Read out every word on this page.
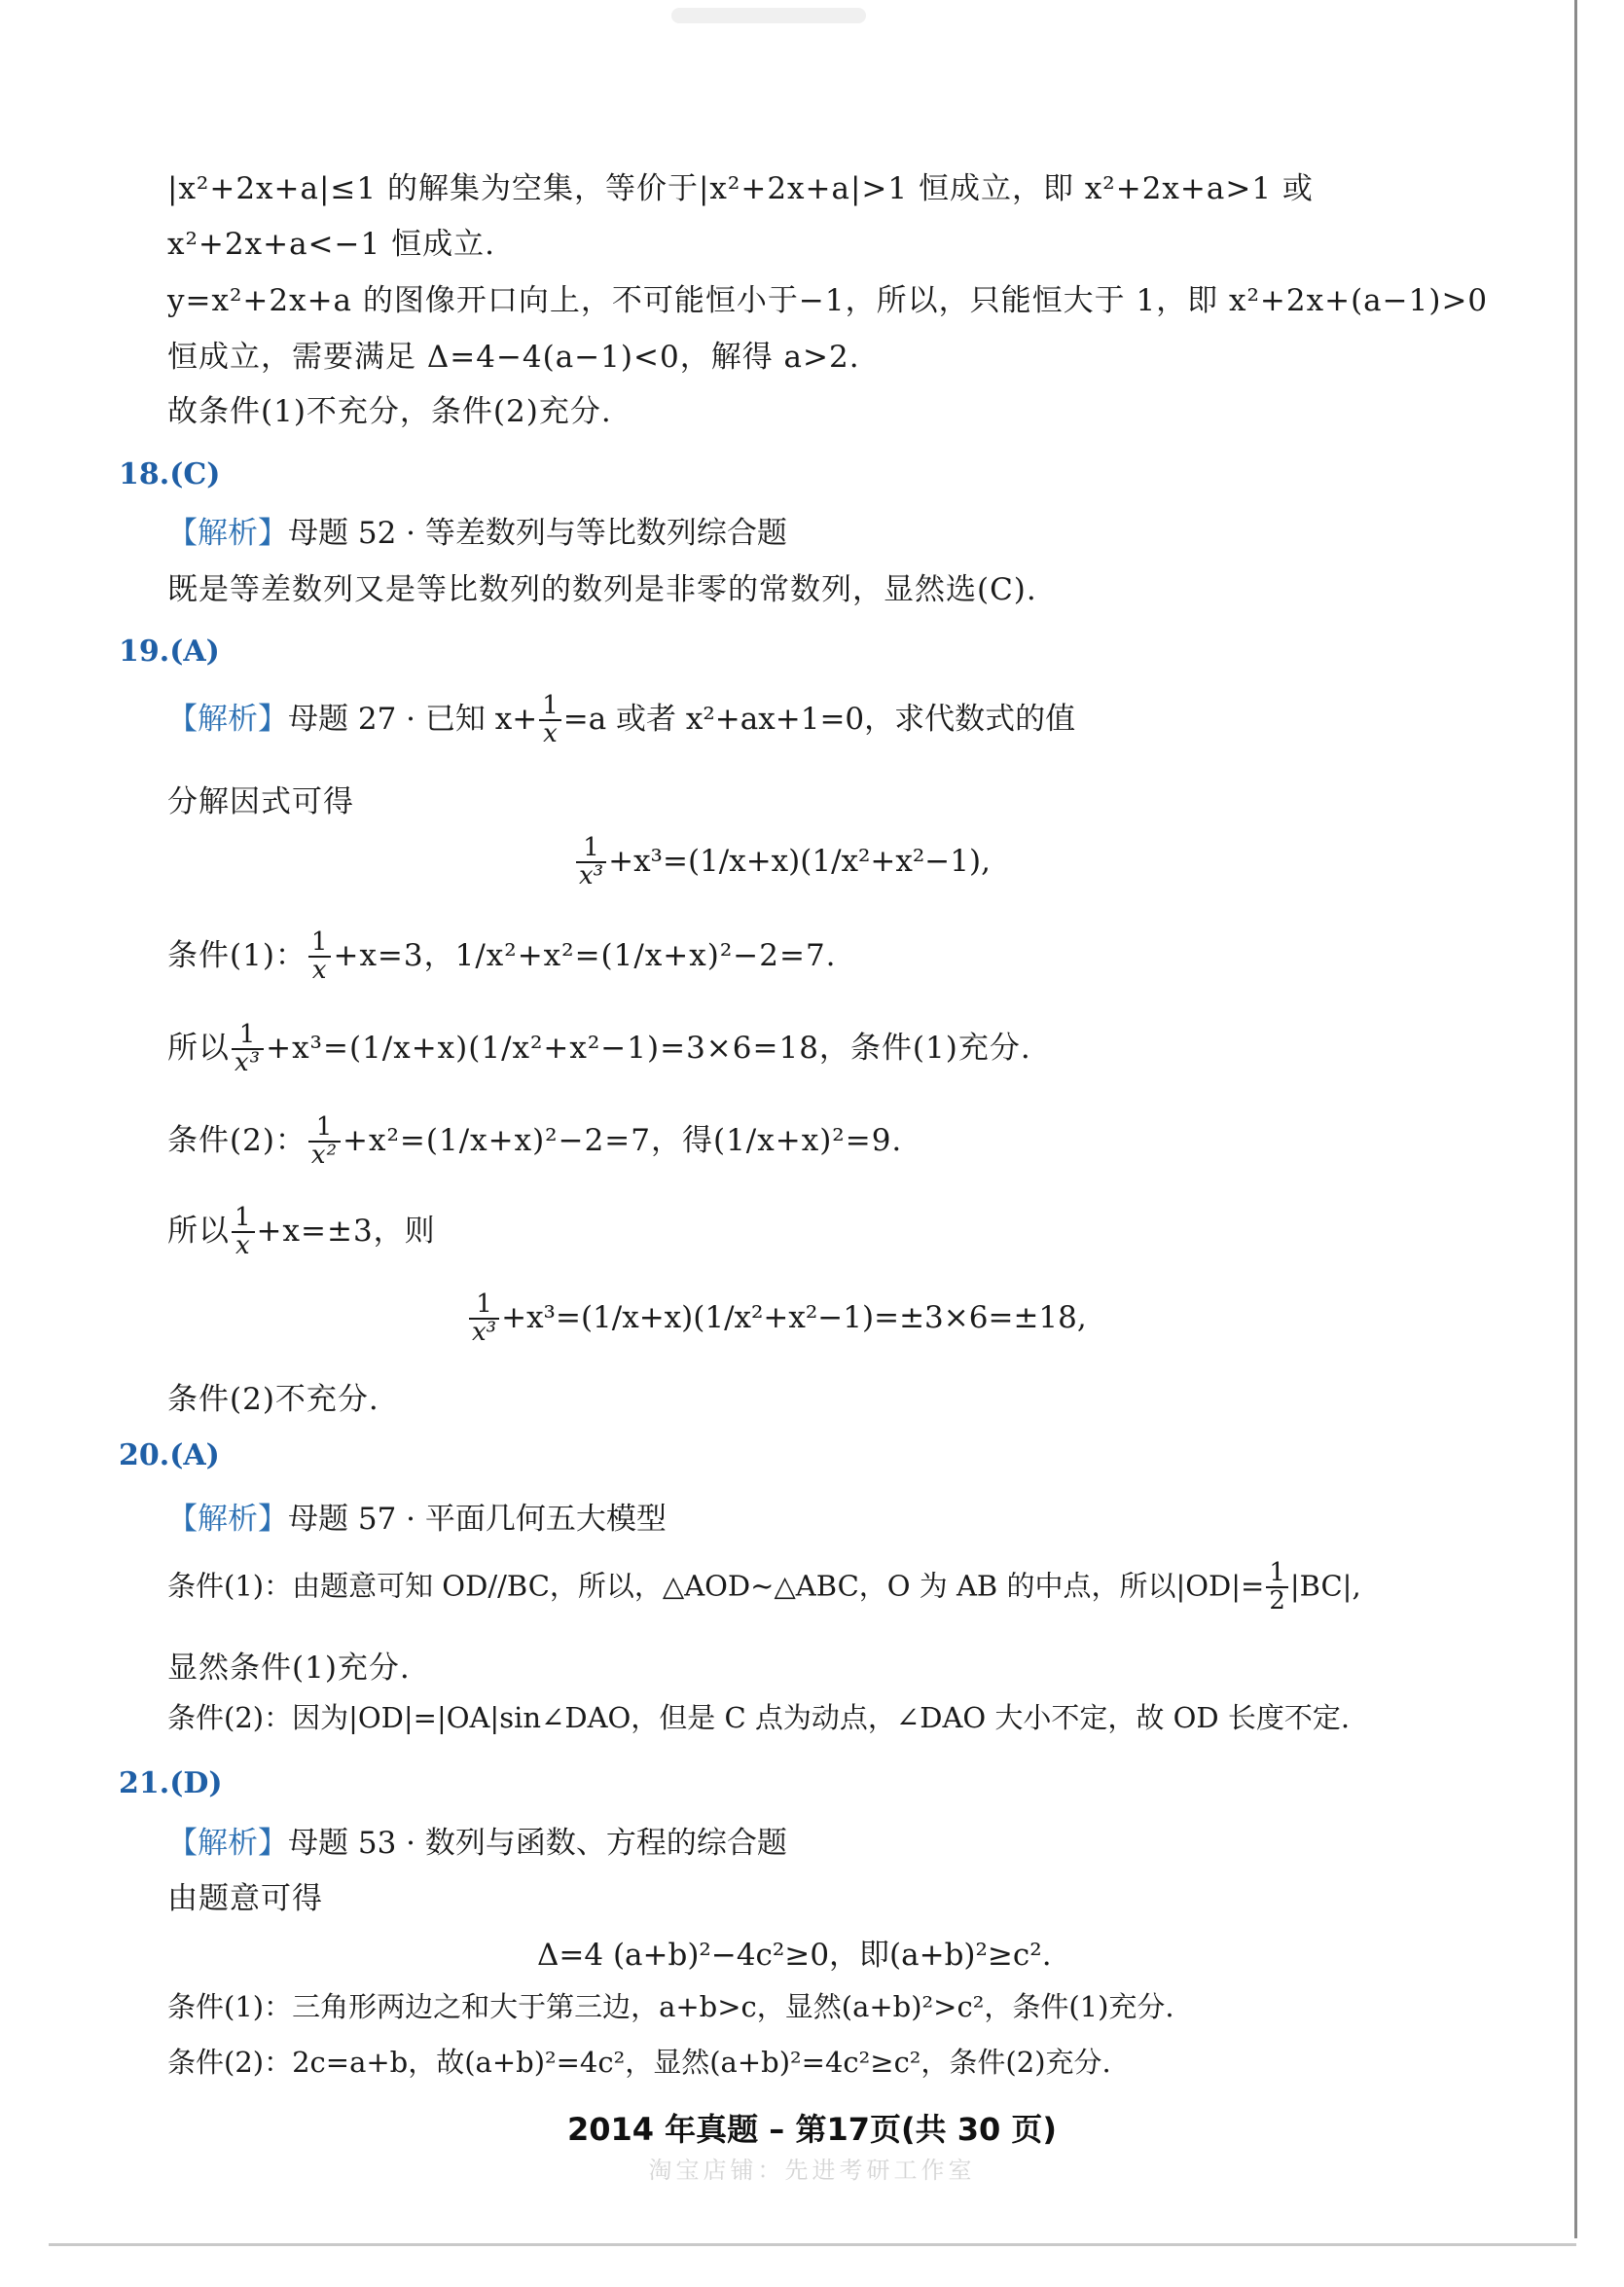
|x²+2x+a|≤1 的解集为空集，等价于|x²+2x+a|>1 恒成立，即 x²+2x+a>1 或
x²+2x+a<−1 恒成立.
y=x²+2x+a 的图像开口向上，不可能恒小于−1，所以，只能恒大于 1，即 x²+2x+(a−1)>0
恒成立，需要满足 Δ=4−4(a−1)<0，解得 a>2.
故条件(1)不充分，条件(2)充分.
18.(C)
【解析】母题 52 · 等差数列与等比数列综合题
既是等差数列又是等比数列的数列是非零的常数列，显然选(C).
19.(A)
【解析】母题 27 · 已知 $x+ \frac{1}{x} =a$ 或者 x²+ax+1=0，求代数式的值
分解因式可得
$\frac{1}{\text{x³}} +x^3=(1/x+x)(1/x^2+x^2-1)$,
条件(1)： $\frac{1}{x} +x=3$，1/x²+x²=(1/x+x)²−2=7.
所以 $\frac{1}{\text{x³}} +x^3=(1/x+x)(1/x^2+x^2-1)=3\times 6=18$，条件(1)充分.
条件(2)： $\frac{1}{\text{x²}} +x^2=(1/x+x)^2-2=7$，得(1/x+x)²=9.
所以 $\frac{1}{x} +x=\pm 3$，则
$\frac{1}{\text{x³}} +x^3=(1/x+x)(1/x^2+x^2-1)=\pm 3\times 6=\pm 18$,
条件(2)不充分.
20.(A)
【解析】母题 57 · 平面几何五大模型
条件(1)：由题意可知 OD//BC，所以，△AOD∼△ABC，O 为 AB 的中点，所以$|OD|= \frac{1}{2} |BC|$,
显然条件(1)充分.
条件(2)：因为|OD|=|OA|sin∠DAO，但是 C 点为动点，∠DAO 大小不定，故 OD 长度不定.
21.(D)
【解析】母题 53 · 数列与函数、方程的综合题
由题意可得
Δ=4 (a+b)²−4c²≥0，即(a+b)²≥c².
条件(1)：三角形两边之和大于第三边，a+b>c，显然(a+b)²>c²，条件(1)充分.
条件(2)：2c=a+b，故(a+b)²=4c²，显然(a+b)²=4c²≥c²，条件(2)充分.
2014 年真题 – 第17页(共 30 页)
淘宝店铺：先进考研工作室
